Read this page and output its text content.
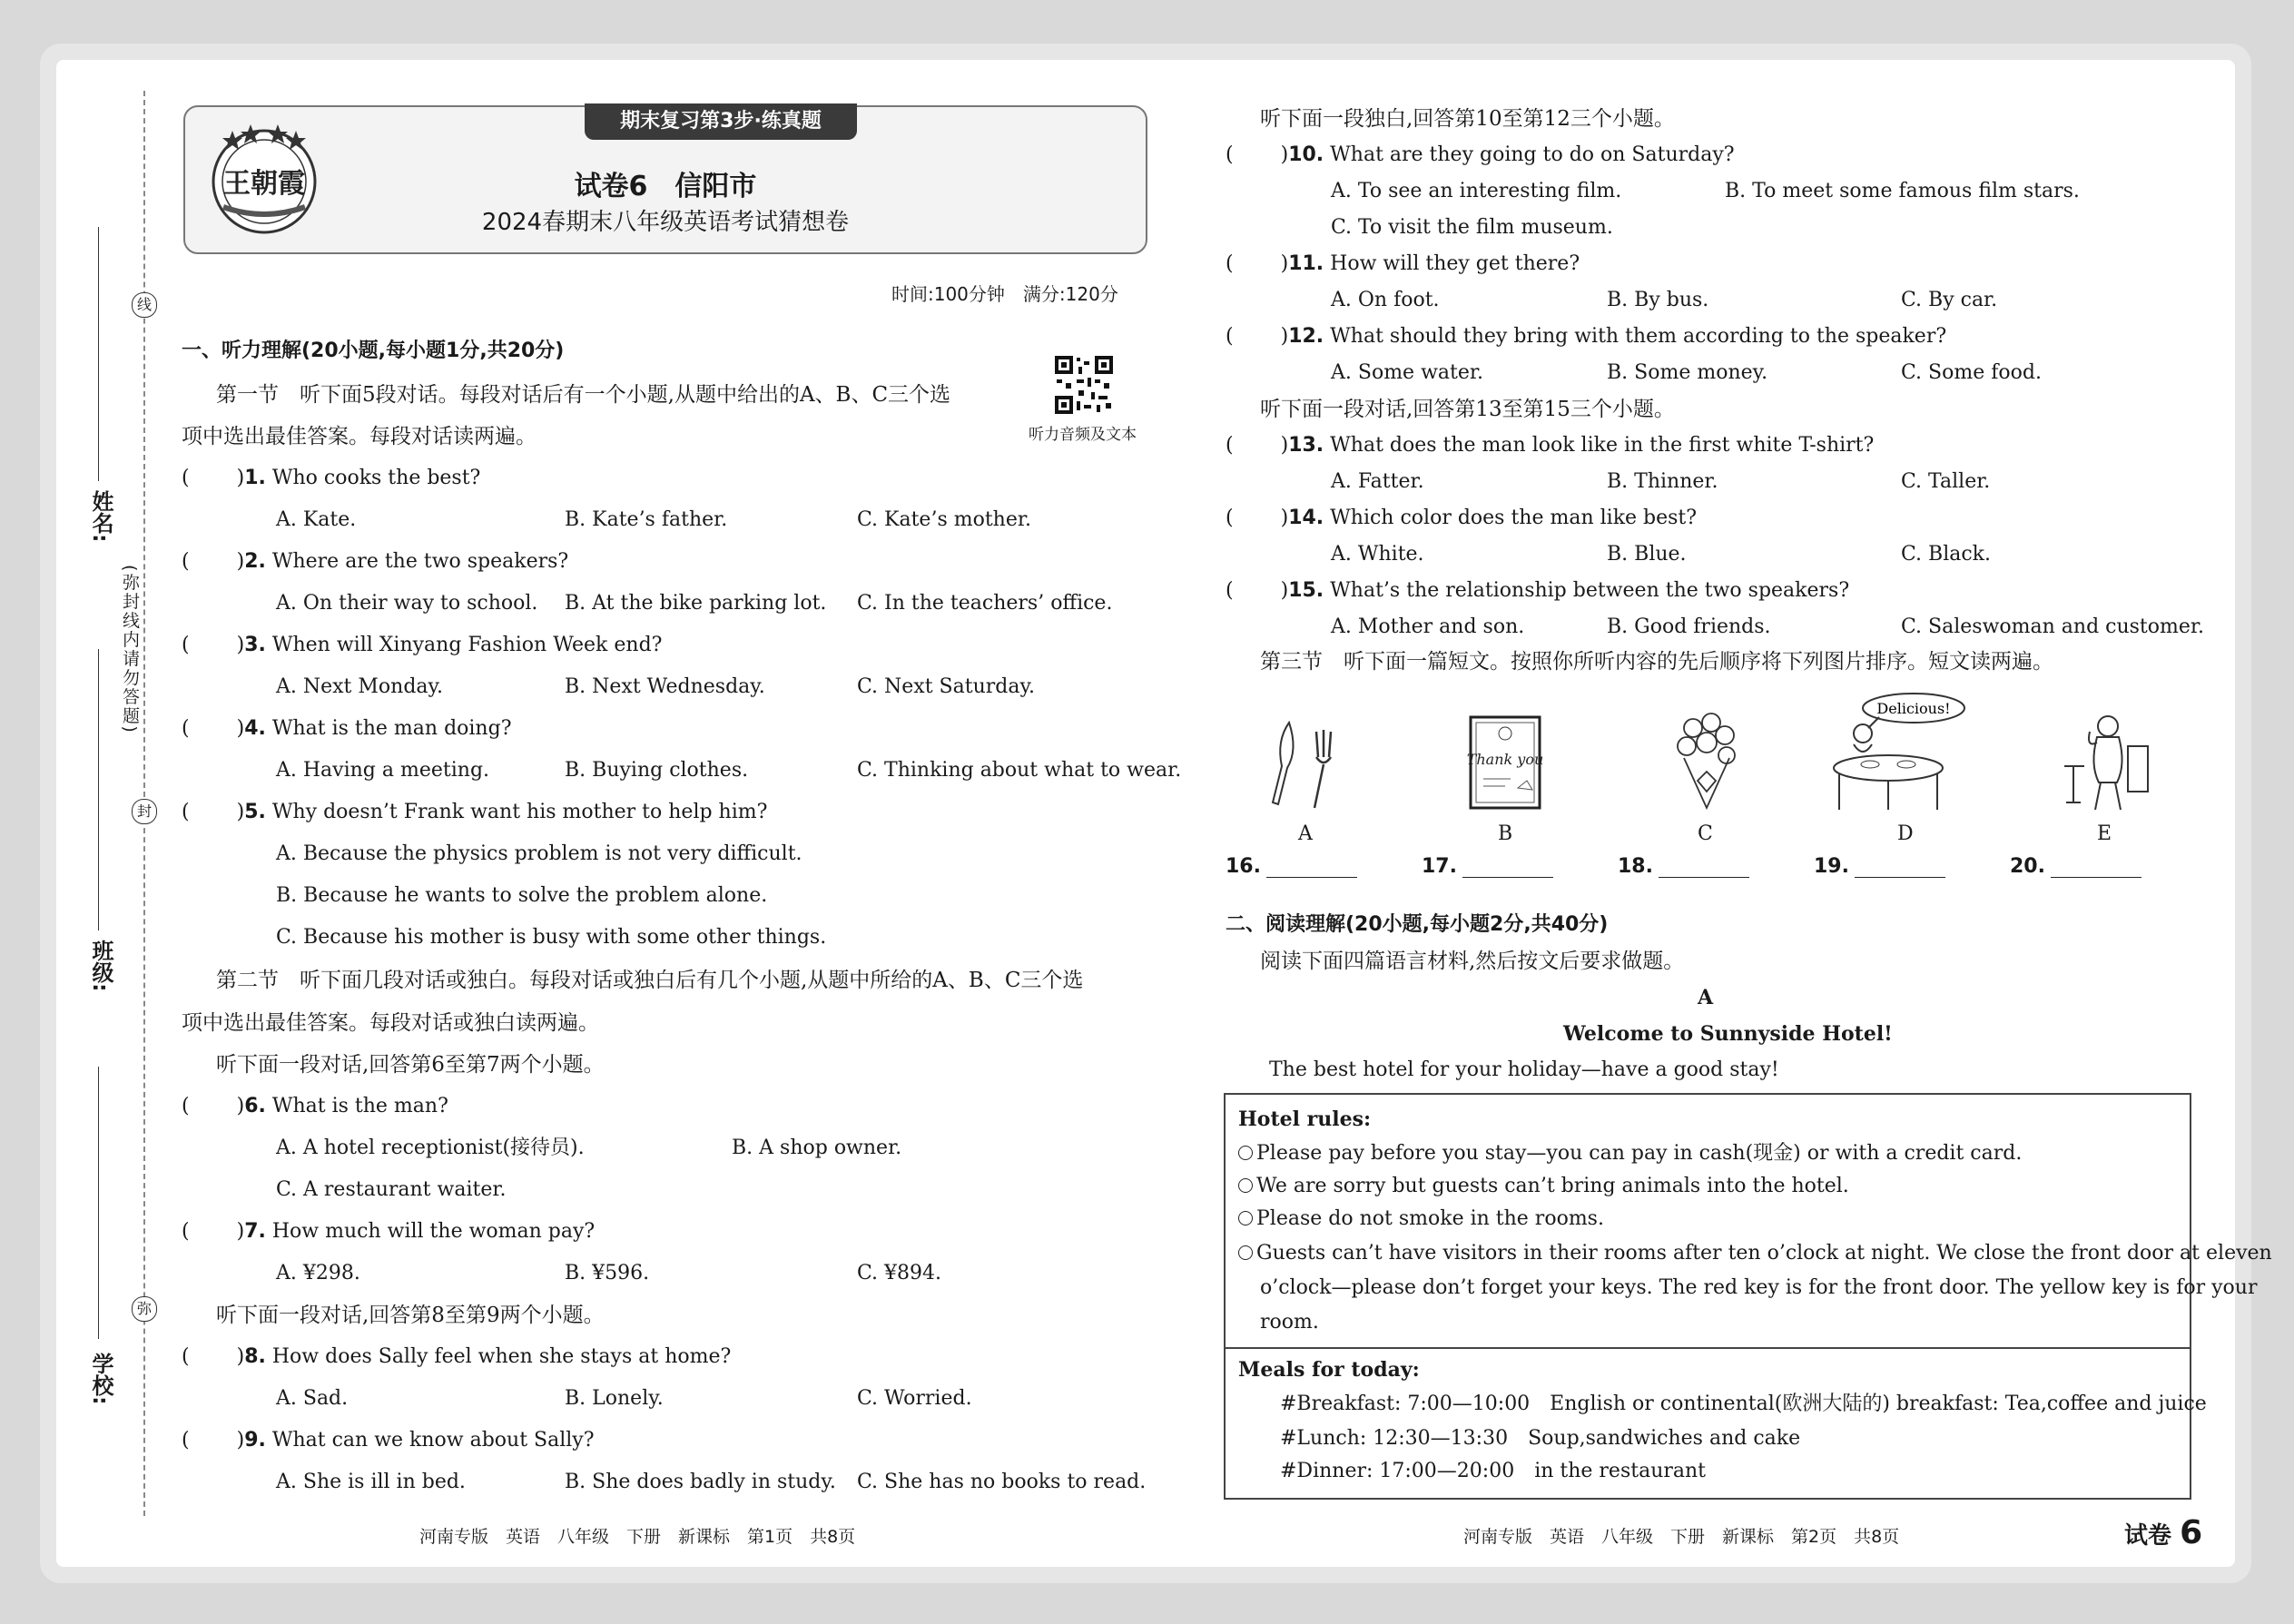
线
封
弥
(弥封线内请勿答题)
姓名:
班级:
学校:
期末复习第3步·练真题
王朝霞	试卷6　信阳市
2024春期末八年级英语考试猜想卷
时间:100分钟　满分:120分
听力音频及文本
一、听力理解(20小题,每小题1分,共20分)
第一节　听下面5段对话。每段对话后有一个小题,从题中给出的A、B、C三个选
项中选出最佳答案。每段对话读两遍。
( )1. Who cooks the best?
A. Kate.	B. Kate’s father.	C. Kate’s mother.
( )2. Where are the two speakers?
A. On their way to school. B. At the bike parking lot. C. In the teachers’ office.
( )3. When will Xinyang Fashion Week end?
A. Next Monday.	B. Next Wednesday.	C. Next Saturday.
( )4. What is the man doing?
A. Having a meeting.	B. Buying clothes.	C. Thinking about what to wear.
( )5. Why doesn’t Frank want his mother to help him?
A. Because the physics problem is not very difficult.
B. Because he wants to solve the problem alone.
C. Because his mother is busy with some other things.
第二节　听下面几段对话或独白。每段对话或独白后有几个小题,从题中所给的A、B、C三个选
项中选出最佳答案。每段对话或独白读两遍。
听下面一段对话,回答第6至第7两个小题。
( )6. What is the man?
A. A hotel receptionist(接待员).	B. A shop owner.
C. A restaurant waiter.
( )7. How much will the woman pay?
A. ¥298.	B. ¥596.	C. ¥894.
听下面一段对话,回答第8至第9两个小题。
( )8. How does Sally feel when she stays at home?
A. Sad.	B. Lonely.	C. Worried.
( )9. What can we know about Sally?
A. She is ill in bed.	B. She does badly in study. C. She has no books to read.
河南专版　英语　八年级　下册　新课标　第1页　共8页
听下面一段独白,回答第10至第12三个小题。
( )10. What are they going to do on Saturday?
A. To see an interesting film.	B. To meet some famous film stars.
C. To visit the film museum.
( )11. How will they get there?
A. On foot.	B. By bus.	C. By car.
( )12. What should they bring with them according to the speaker?
A. Some water.	B. Some money.	C. Some food.
听下面一段对话,回答第13至第15三个小题。
( )13. What does the man look like in the first white T-shirt?
A. Fatter.	B. Thinner.	C. Taller.
( )14. Which color does the man like best?
A. White.	B. Blue.	C. Black.
( )15. What’s the relationship between the two speakers?
A. Mother and son.	B. Good friends.	C. Saleswoman and customer.
第三节　听下面一篇短文。按照你所听内容的先后顺序将下列图片排序。短文读两遍。
Thank you
Delicious!
A	B	C	D	E
16.	17.	18.	19.	20.
二、阅读理解(20小题,每小题2分,共40分)
阅读下面四篇语言材料,然后按文后要求做题。
A
Welcome to Sunnyside Hotel!
The best hotel for your holiday—have a good stay!
Hotel rules:
Please pay before you stay—you can pay in cash(现金) or with a credit card.
We are sorry but guests can’t bring animals into the hotel.
Please do not smoke in the rooms.
Guests can’t have visitors in their rooms after ten o’clock at night. We close the front door at eleven
o’clock—please don’t forget your keys. The red key is for the front door. The yellow key is for your
room.
Meals for today:
#Breakfast: 7:00—10:00　English or continental(欧洲大陆的) breakfast: Tea,coffee and juice
#Lunch: 12:30—13:30　Soup,sandwiches and cake
#Dinner: 17:00—20:00　in the restaurant
河南专版　英语　八年级　下册　新课标　第2页　共8页	试卷 6
